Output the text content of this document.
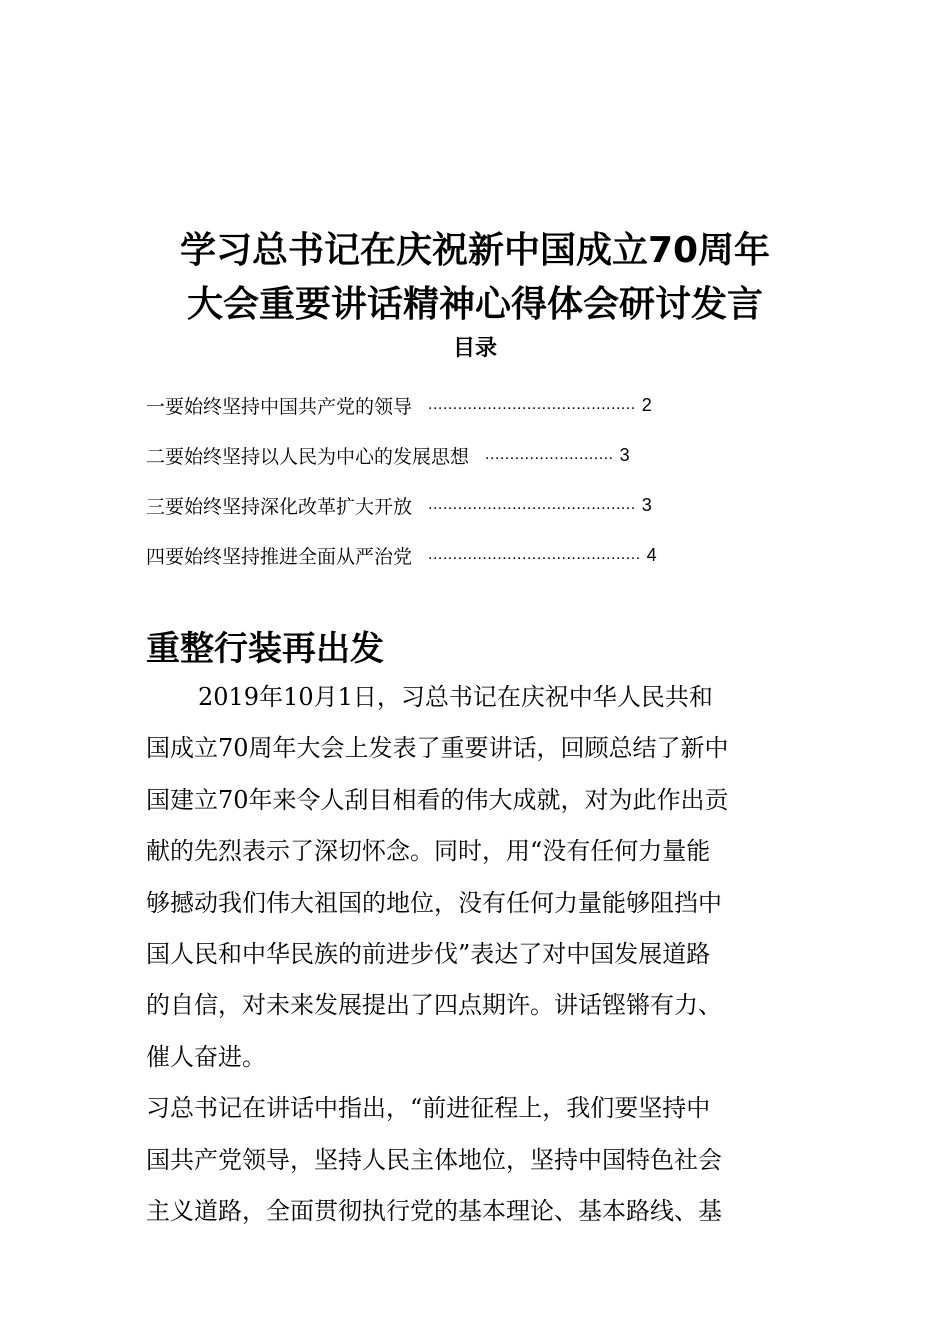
学习总书记在庆祝新中国成立70周年
大会重要讲话精神心得体会研讨发言
目录
一要始终坚持中国共产党的领导 .......................................... 2
二要始终坚持以人民为中心的发展思想 .......................... 3
三要始终坚持深化改革扩大开放 .......................................... 3
四要始终坚持推进全面从严治党 ........................................... 4
重整行装再出发
2019年10月1日，习总书记在庆祝中华人民共和
国成立70周年大会上发表了重要讲话，回顾总结了新中
国建立70年来令人刮目相看的伟大成就，对为此作出贡
献的先烈表示了深切怀念。同时，用“没有任何力量能
够撼动我们伟大祖国的地位，没有任何力量能够阻挡中
国人民和中华民族的前进步伐”表达了对中国发展道路
的自信，对未来发展提出了四点期许。讲话铿锵有力、
催人奋进。
习总书记在讲话中指出，“前进征程上，我们要坚持中
国共产党领导，坚持人民主体地位，坚持中国特色社会
主义道路，全面贯彻执行党的基本理论、基本路线、基
